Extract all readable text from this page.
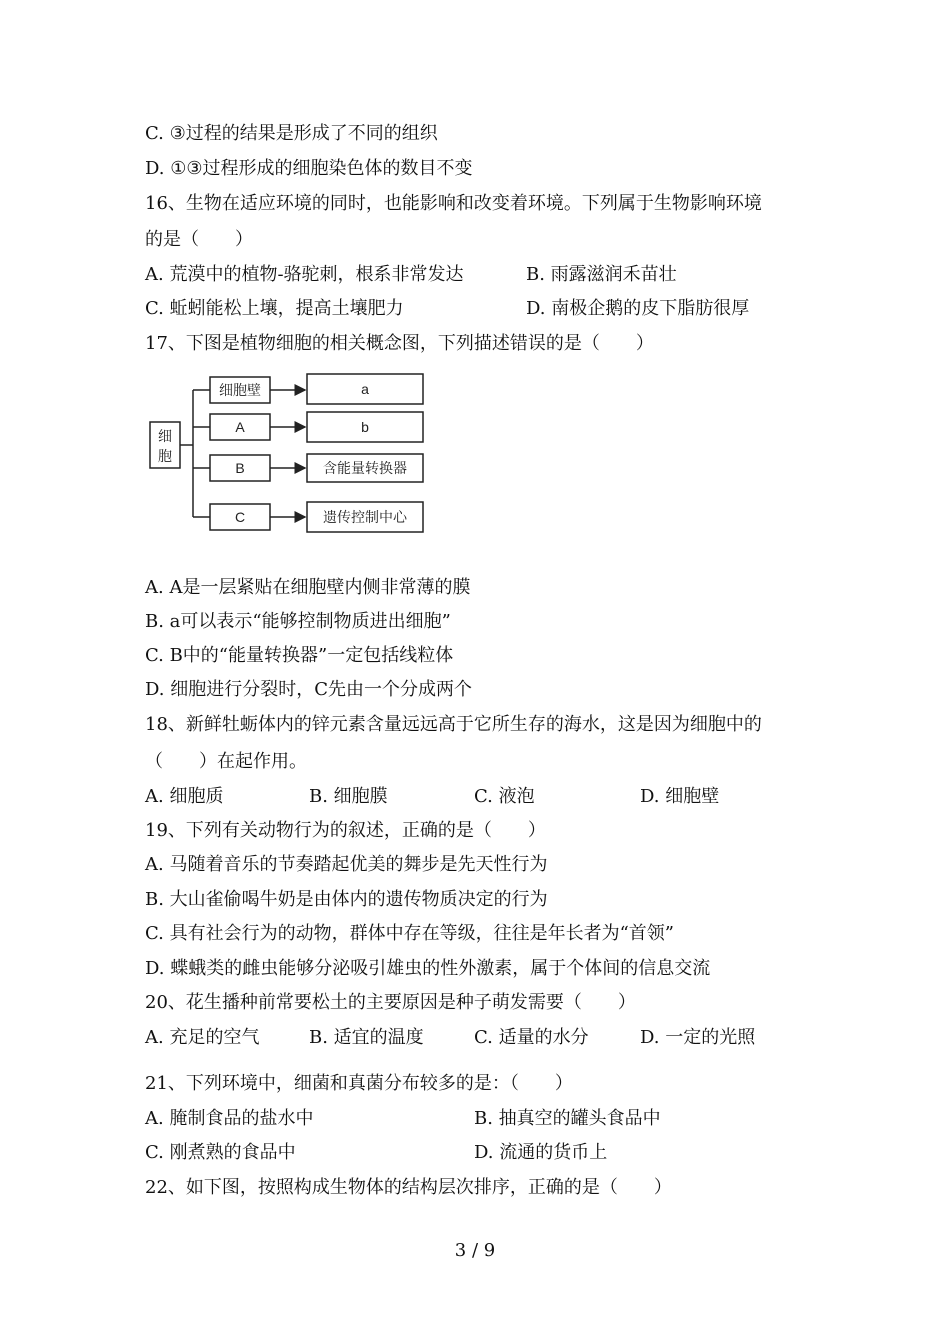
C. ③过程的结果是形成了不同的组织
D. ①③过程形成的细胞染色体的数目不变
16、生物在适应环境的同时，也能影响和改变着环境。下列属于生物影响环境
的是（　　）
A. 荒漠中的植物-骆驼刺，根系非常发达	B. 雨露滋润禾苗壮
C. 蚯蚓能松上壤，提高土壤肥力	D. 南极企鹅的皮下脂肪很厚
17、下图是植物细胞的相关概念图，下列描述错误的是（　　）
细
胞
细胞壁
A
B
C
a
b
含能量转换器
遗传控制中心
A. A是一层紧贴在细胞壁内侧非常薄的膜
B. a可以表示“能够控制物质进出细胞”
C. B中的“能量转换器”一定包括线粒体
D. 细胞进行分裂时，C先由一个分成两个
18、新鲜牡蛎体内的锌元素含量远远高于它所生存的海水，这是因为细胞中的
（　　）在起作用。
A. 细胞质	B. 细胞膜	C. 液泡	D. 细胞壁
19、下列有关动物行为的叙述，正确的是（　　）
A. 马随着音乐的节奏踏起优美的舞步是先天性行为
B. 大山雀偷喝牛奶是由体内的遗传物质决定的行为
C. 具有社会行为的动物，群体中存在等级，往往是年长者为“首领”
D. 蝶蛾类的雌虫能够分泌吸引雄虫的性外激素，属于个体间的信息交流
20、花生播种前常要松土的主要原因是种子萌发需要（　　）
A. 充足的空气	B. 适宜的温度	C. 适量的水分	D. 一定的光照
21、下列环境中，细菌和真菌分布较多的是：（　　）
A. 腌制食品的盐水中	B. 抽真空的罐头食品中
C. 刚煮熟的食品中	D. 流通的货币上
22、如下图，按照构成生物体的结构层次排序，正确的是（　　）
3 / 9
